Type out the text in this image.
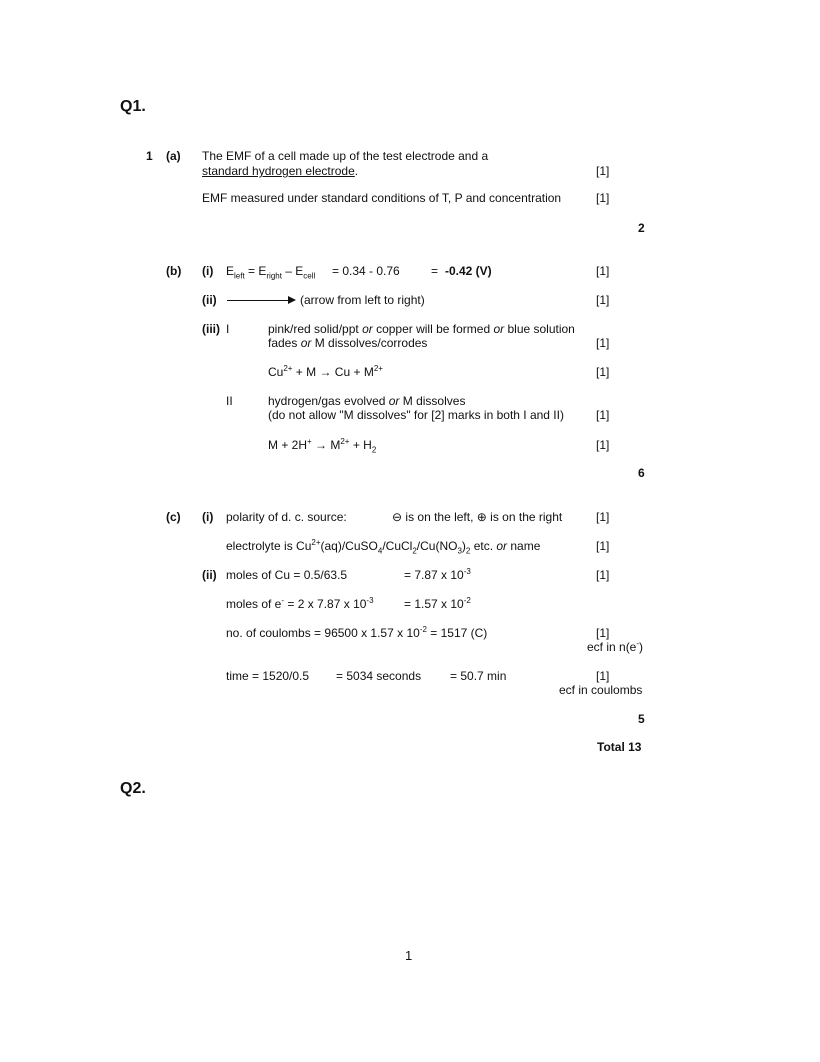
Q1.
1 (a) The EMF of a cell made up of the test electrode and a
standard hydrogen electrode.	[1]
EMF measured under standard conditions of T, P and concentration	[1]
2
(b) (i) $E_{left} = E_{right} - E_{cell} = 0.34 - 0.76$	= -0.42 (V)	[1]
(ii)	(arrow from left to right)	[1]
(iii) I	pink/red solid/ppt or copper will be formed or blue solution
fades or M dissolves/corrodes	[1]
$Cu^{2+} + M \to Cu + M^{2+}$	[1]
II	hydrogen/gas evolved or M dissolves
(do not allow "M dissolves" for [2] marks in both I and II)	[1]
$M + 2H^+ \to M^{2+} + H_2$	[1]
6
(c) (i) polarity of d. c. source:	⊖ is on the left, ⊕ is on the right	[1]
electrolyte is $Cu^{2+}(aq)/CuSO_4/CuCl_2/Cu(NO_3)_2$ etc. or name	[1]
(ii) moles of Cu = 0.5/63.5	= 7.87 x $10^{-3}$	[1]
moles of e- = 2 x 7.87 x $10^{-3}$	= 1.57 x $10^{-2}$
no. of coulombs = 96500 x 1.57 x $10^{-2} = 1517$ (C)	[1]
ecf in n(e-)
time = 1520/0.5 = 5034 seconds = 50.7 min	[1]
ecf in coulombs
5
Total 13
Q2.
1
